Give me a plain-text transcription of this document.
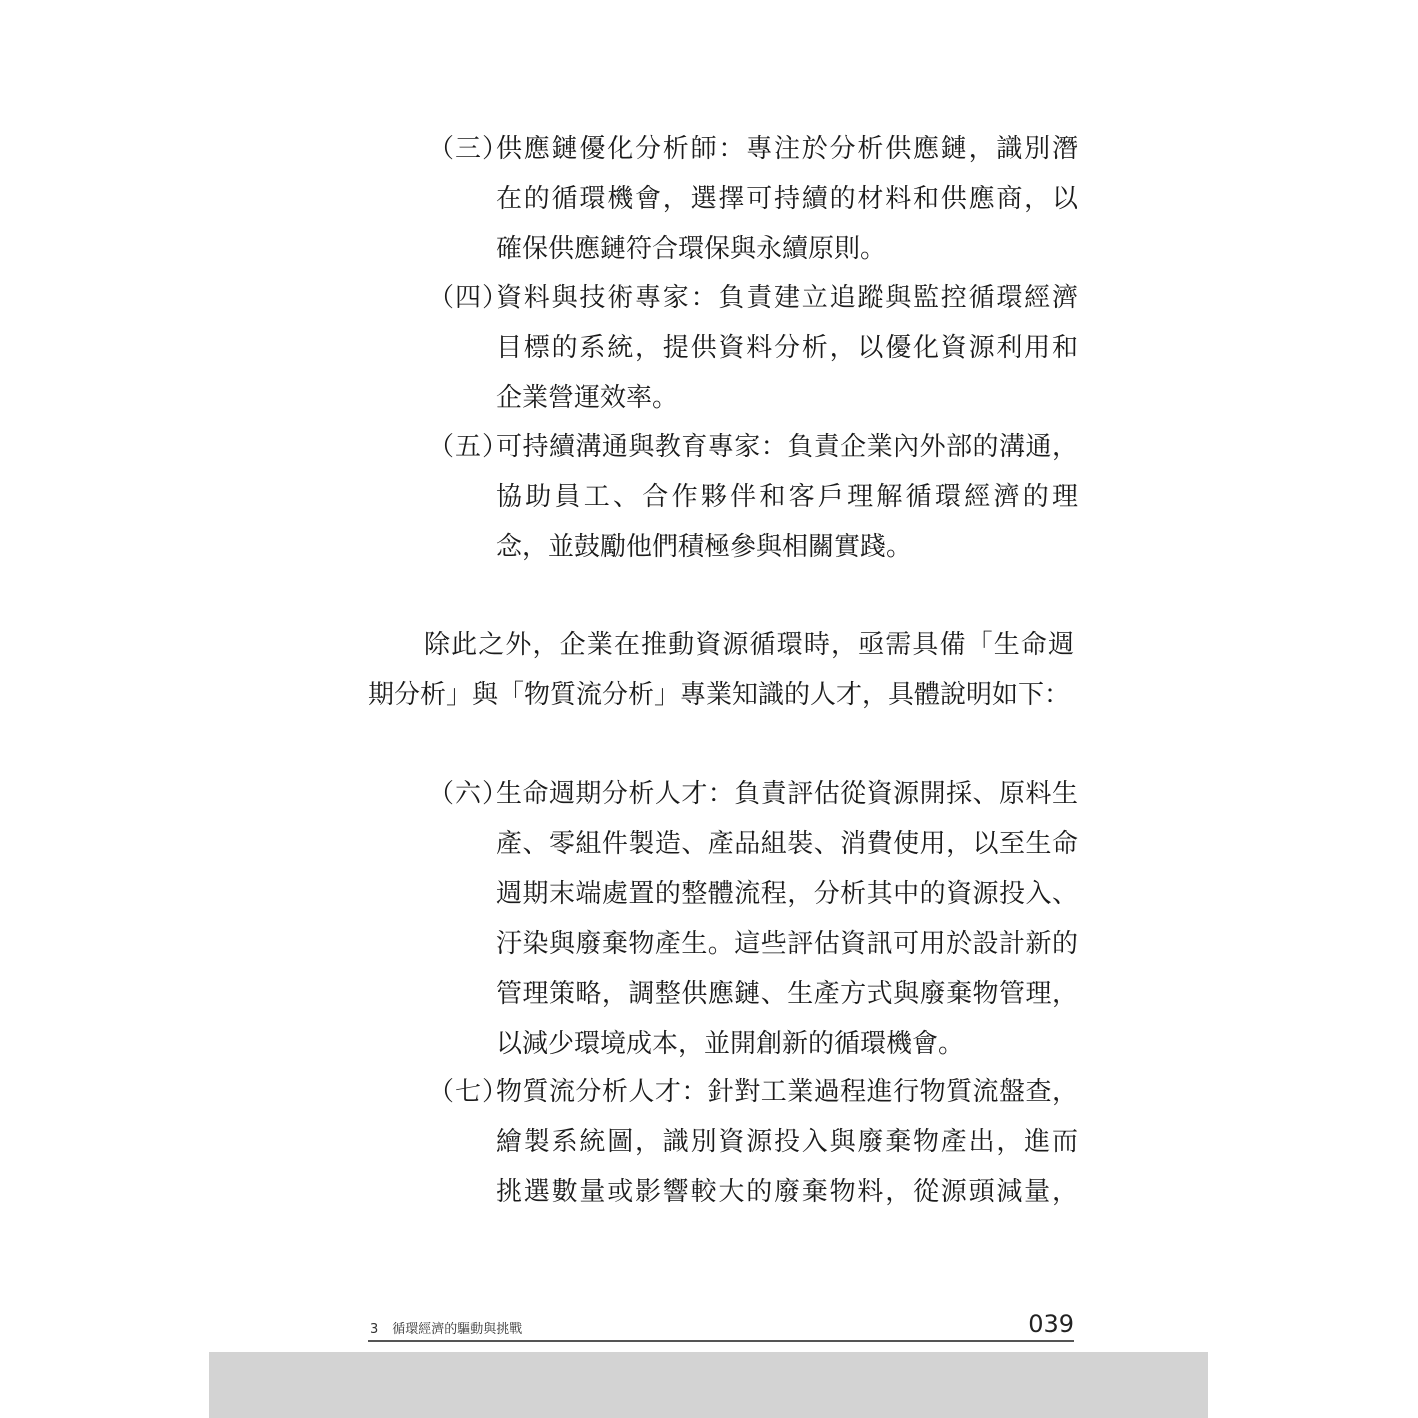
（三）
供應鏈優化分析師：專注於分析供應鏈，識別潛
在的循環機會，選擇可持續的材料和供應商，以
確保供應鏈符合環保與永續原則。
（四）
資料與技術專家：負責建立追蹤與監控循環經濟
目標的系統，提供資料分析，以優化資源利用和
企業營運效率。
（五）
可持續溝通與教育專家：負責企業內外部的溝通，
協助員工、合作夥伴和客戶理解循環經濟的理
念，並鼓勵他們積極參與相關實踐。
除此之外，企業在推動資源循環時，亟需具備「生命週
期分析」與「物質流分析」專業知識的人才，具體說明如下：
（六）
生命週期分析人才：負責評估從資源開採、原料生
產、零組件製造、產品組裝、消費使用，以至生命
週期末端處置的整體流程，分析其中的資源投入、
汙染與廢棄物產生。這些評估資訊可用於設計新的
管理策略，調整供應鏈、生產方式與廢棄物管理，
以減少環境成本，並開創新的循環機會。
（七）
物質流分析人才：針對工業過程進行物質流盤查，
繪製系統圖，識別資源投入與廢棄物產出，進而
挑選數量或影響較大的廢棄物料，從源頭減量，
3 循環經濟的驅動與挑戰	039
